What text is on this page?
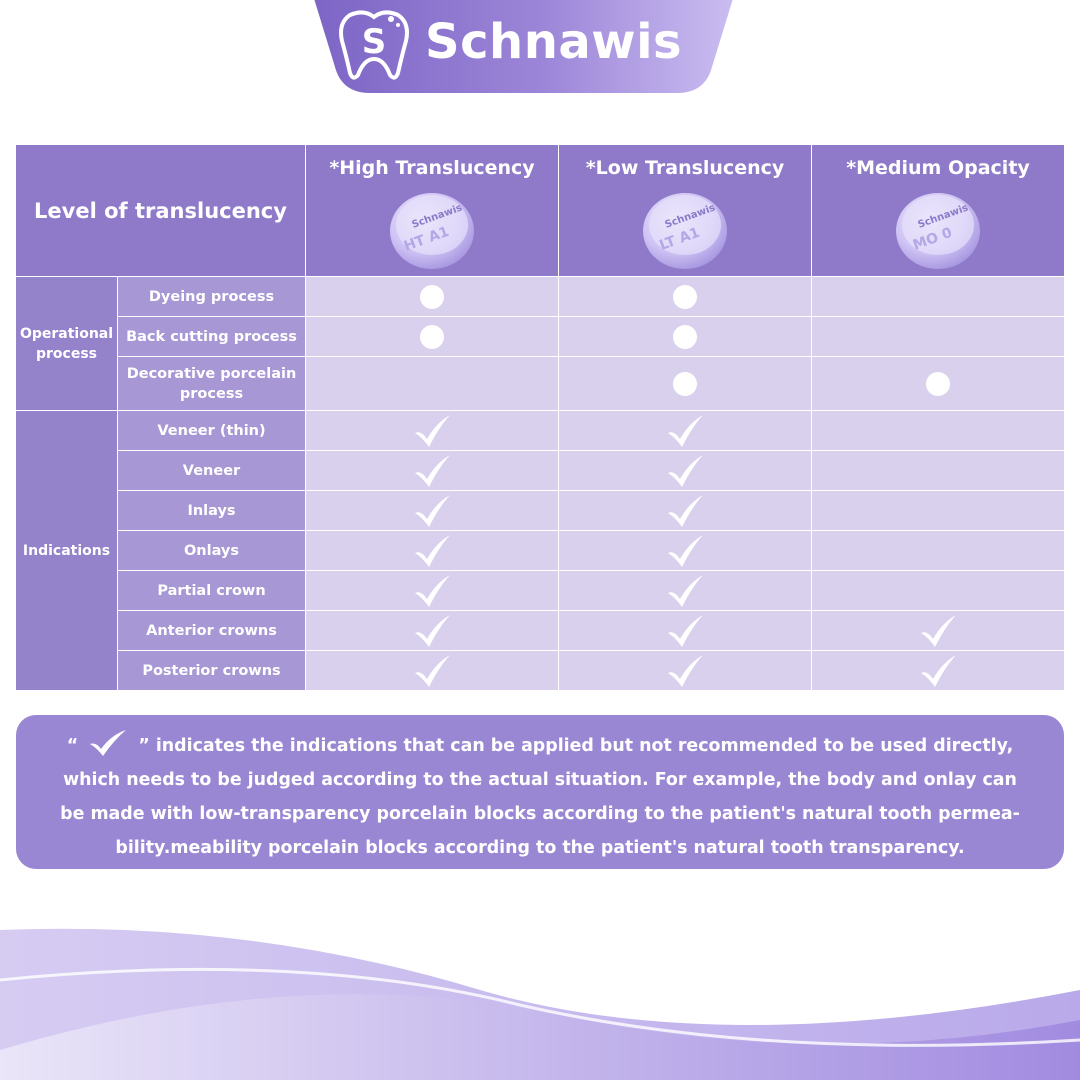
S Schnawis
Level of translucency
*High Translucency
Schnawis
HT A1
*Low Translucency
Schnawis
LT A1
*Medium Opacity
Schnawis
MO 0
Operational process
Dyeing process
Back cutting process
Decorative porcelain process
Indications
Veneer (thin)
Veneer
Inlays
Onlays
Partial crown
Anterior crowns
Posterior crowns
“	” indicates the indications that can be applied but not recommended to be used directly,
which needs to be judged according to the actual situation. For example, the body and onlay can
be made with low-transparency porcelain blocks according to the patient's natural tooth permea-
bility.meability porcelain blocks according to the patient's natural tooth transparency.
